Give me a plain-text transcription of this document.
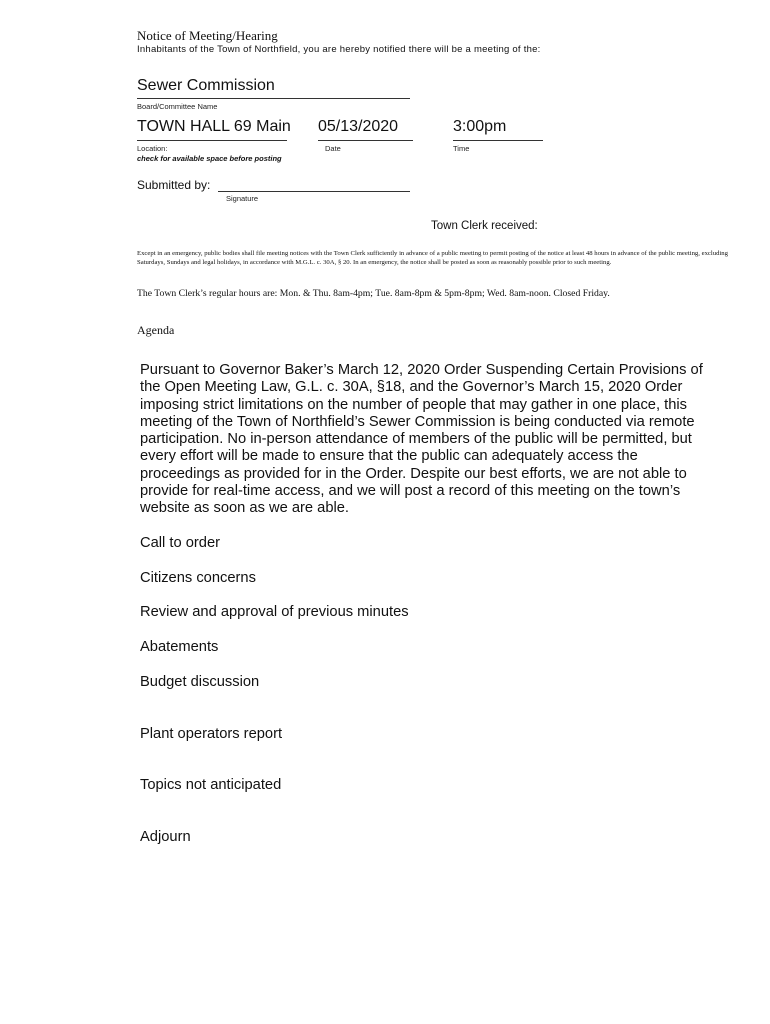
Notice of Meeting/Hearing
Inhabitants of the Town of Northfield, you are hereby notified there will be a meeting of the:
Sewer Commission
Board/Committee Name
TOWN HALL 69 Main
Location:
check for available space before posting
05/13/2020
Date
3:00pm
Time
Submitted by:
Signature
Town Clerk received:
Except in an emergency, public bodies shall file meeting notices with the Town Clerk sufficiently in advance of a public meeting to permit posting of the notice at least 48 hours in advance of the public meeting, excluding Saturdays, Sundays and legal holidays, in accordance with M.G.L. c. 30A, § 20. In an emergency, the notice shall be posted as soon as reasonably possible prior to such meeting.
The Town Clerk’s regular hours are: Mon. & Thu. 8am-4pm; Tue. 8am-8pm & 5pm-8pm; Wed. 8am-noon. Closed Friday.
Agenda
Pursuant to Governor Baker’s March 12, 2020 Order Suspending Certain Provisions of the Open Meeting Law, G.L. c. 30A, §18, and the Governor’s March 15, 2020 Order imposing strict limitations on the number of people that may gather in one place, this meeting of the Town of Northfield’s Sewer Commission is being conducted via remote participation. No in-person attendance of members of the public will be permitted, but every effort will be made to ensure that the public can adequately access the proceedings as provided for in the Order. Despite our best efforts, we are not able to provide for real-time access, and we will post a record of this meeting on the town’s website as soon as we are able.
Call to order
Citizens concerns
Review and approval of previous minutes
Abatements
Budget discussion
Plant operators report
Topics not anticipated
Adjourn
